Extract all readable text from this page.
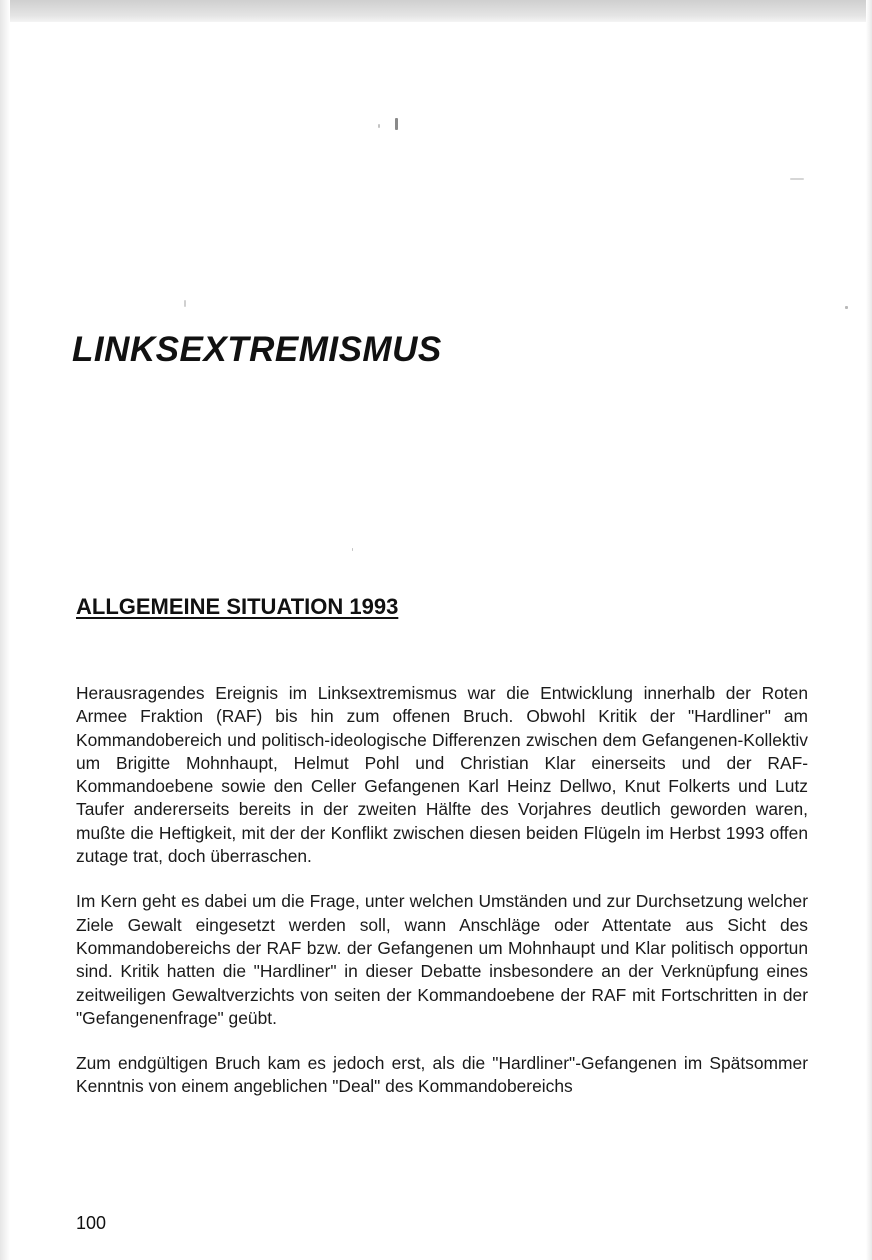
LINKSEXTREMISMUS
ALLGEMEINE SITUATION 1993

Herausragendes Ereignis im Linksextremismus war die Entwicklung innerhalb der Roten Armee Fraktion (RAF) bis hin zum offenen Bruch. Obwohl Kritik der "Hardliner" am Kommandobereich und politisch-ideologische Differenzen zwischen dem Gefangenen-Kollektiv um Brigitte Mohnhaupt, Helmut Pohl und Christian Klar einerseits und der RAF-Kommandoebene sowie den Celler Gefangenen Karl Heinz Dellwo, Knut Folkerts und Lutz Taufer andererseits bereits in der zweiten Hälfte des Vorjahres deutlich geworden waren, mußte die Heftigkeit, mit der der Konflikt zwischen diesen beiden Flügeln im Herbst 1993 offen zutage trat, doch überraschen.

Im Kern geht es dabei um die Frage, unter welchen Umständen und zur Durchsetzung welcher Ziele Gewalt eingesetzt werden soll, wann Anschläge oder Attentate aus Sicht des Kommandobereichs der RAF bzw. der Gefangenen um Mohnhaupt und Klar politisch opportun sind. Kritik hatten die "Hardliner" in dieser Debatte insbesondere an der Verknüpfung eines zeitweiligen Gewaltverzichts von seiten der Kommandoebene der RAF mit Fortschritten in der "Gefangenenfrage" geübt.

Zum endgültigen Bruch kam es jedoch erst, als die "Hardliner"-Gefangenen im Spätsommer Kenntnis von einem angeblichen "Deal" des Kommandobereichs

100
